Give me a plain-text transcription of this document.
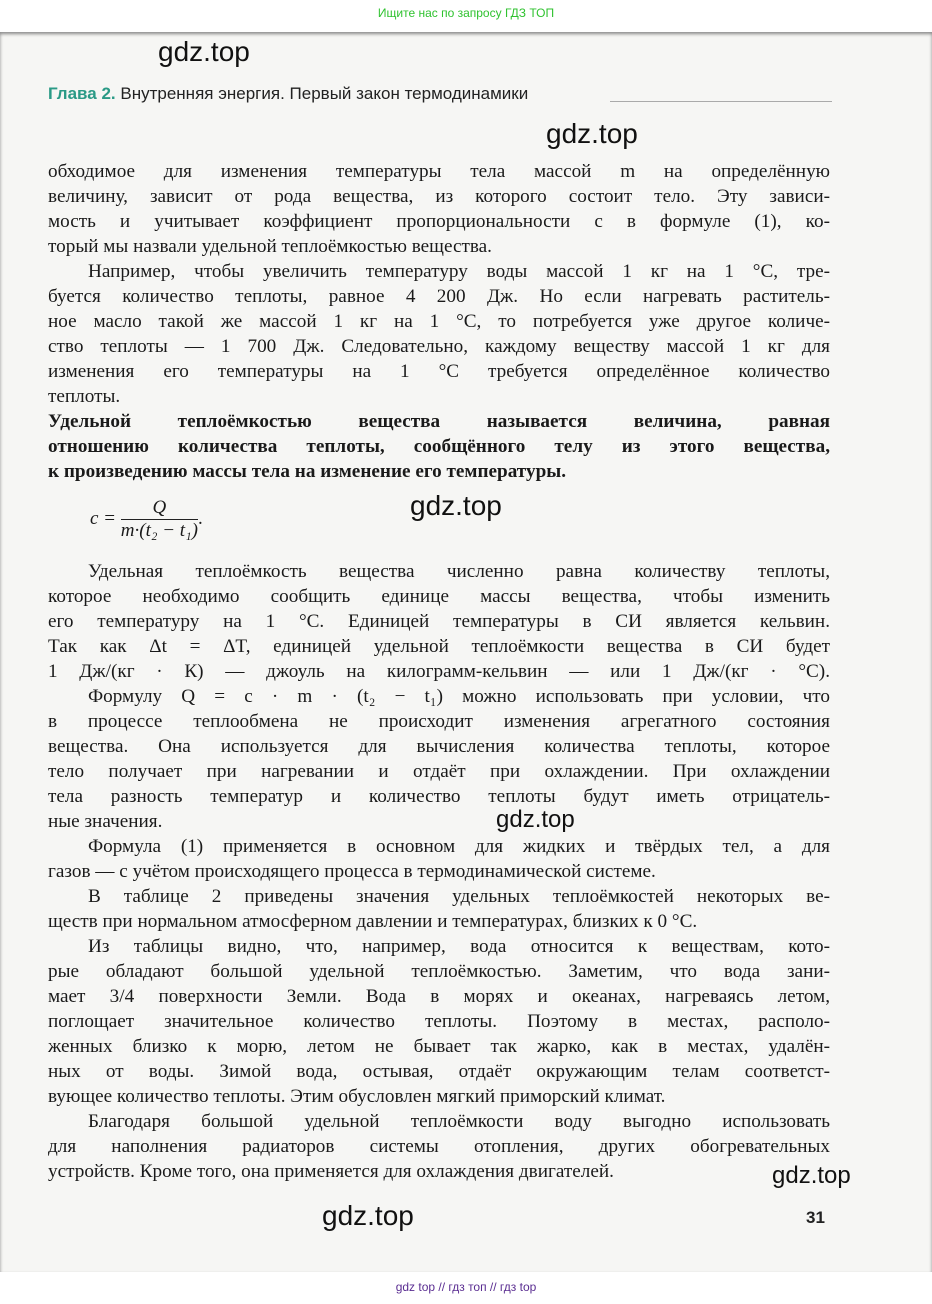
Ищите нас по запросу ГДЗ ТОП
gdz.top
Глава 2. Внутренняя энергия. Первый закон термодинамики
gdz.top
обходимое для изменения температуры тела массой m на определённую
величину, зависит от рода вещества, из которого состоит тело. Эту зависи-
мость и учитывает коэффициент пропорциональности c в формуле (1), ко-
торый мы назвали удельной теплоёмкостью вещества.
Например, чтобы увеличить температуру воды массой 1 кг на 1 °С, тре-
буется количество теплоты, равное 4 200 Дж. Но если нагревать раститель-
ное масло такой же массой 1 кг на 1 °С, то потребуется уже другое количе-
ство теплоты — 1 700 Дж. Следовательно, каждому веществу массой 1 кг для
изменения его температуры на 1 °С требуется определённое количество
теплоты.
Удельной теплоёмкостью вещества называется величина, равная
отношению количества теплоты, сообщённого телу из этого вещества,
к произведению массы тела на изменение его температуры.
Удельная теплоёмкость вещества численно равна количеству теплоты,
которое необходимо сообщить единице массы вещества, чтобы изменить
его температуру на 1 °С. Единицей температуры в СИ является кельвин.
Так как Δt = ΔT, единицей удельной теплоёмкости вещества в СИ будет
1 Дж/(кг · К) — джоуль на килограмм-кельвин — или 1 Дж/(кг · °С).
Формулу Q = c · m · (t₂ − t₁) можно использовать при условии, что
в процессе теплообмена не происходит изменения агрегатного состояния
вещества. Она используется для вычисления количества теплоты, которое
тело получает при нагревании и отдаёт при охлаждении. При охлаждении
тела разность температур и количество теплоты будут иметь отрицатель-
ные значения.
Формула (1) применяется в основном для жидких и твёрдых тел, а для
газов — с учётом происходящего процесса в термодинамической системе.
В таблице 2 приведены значения удельных теплоёмкостей некоторых ве-
ществ при нормальном атмосферном давлении и температурах, близких к 0 °С.
Из таблицы видно, что, например, вода относится к веществам, кото-
рые обладают большой удельной теплоёмкостью. Заметим, что вода зани-
мает 3/4 поверхности Земли. Вода в морях и океанах, нагреваясь летом,
поглощает значительное количество теплоты. Поэтому в местах, располо-
женных близко к морю, летом не бывает так жарко, как в местах, удалён-
ных от воды. Зимой вода, остывая, отдаёт окружающим телам соответст-
вующее количество теплоты. Этим обусловлен мягкий приморский климат.
Благодаря большой удельной теплоёмкости воду выгодно использовать
для наполнения радиаторов системы отопления, других обогревательных
устройств. Кроме того, она применяется для охлаждения двигателей.
$c = \frac{Q}{\text{m·(t₂ − t₁)}}$ .	gdz.top
gdz.top
gdz.top
gdz.top	31
gdz top // гдз топ // гдз top
